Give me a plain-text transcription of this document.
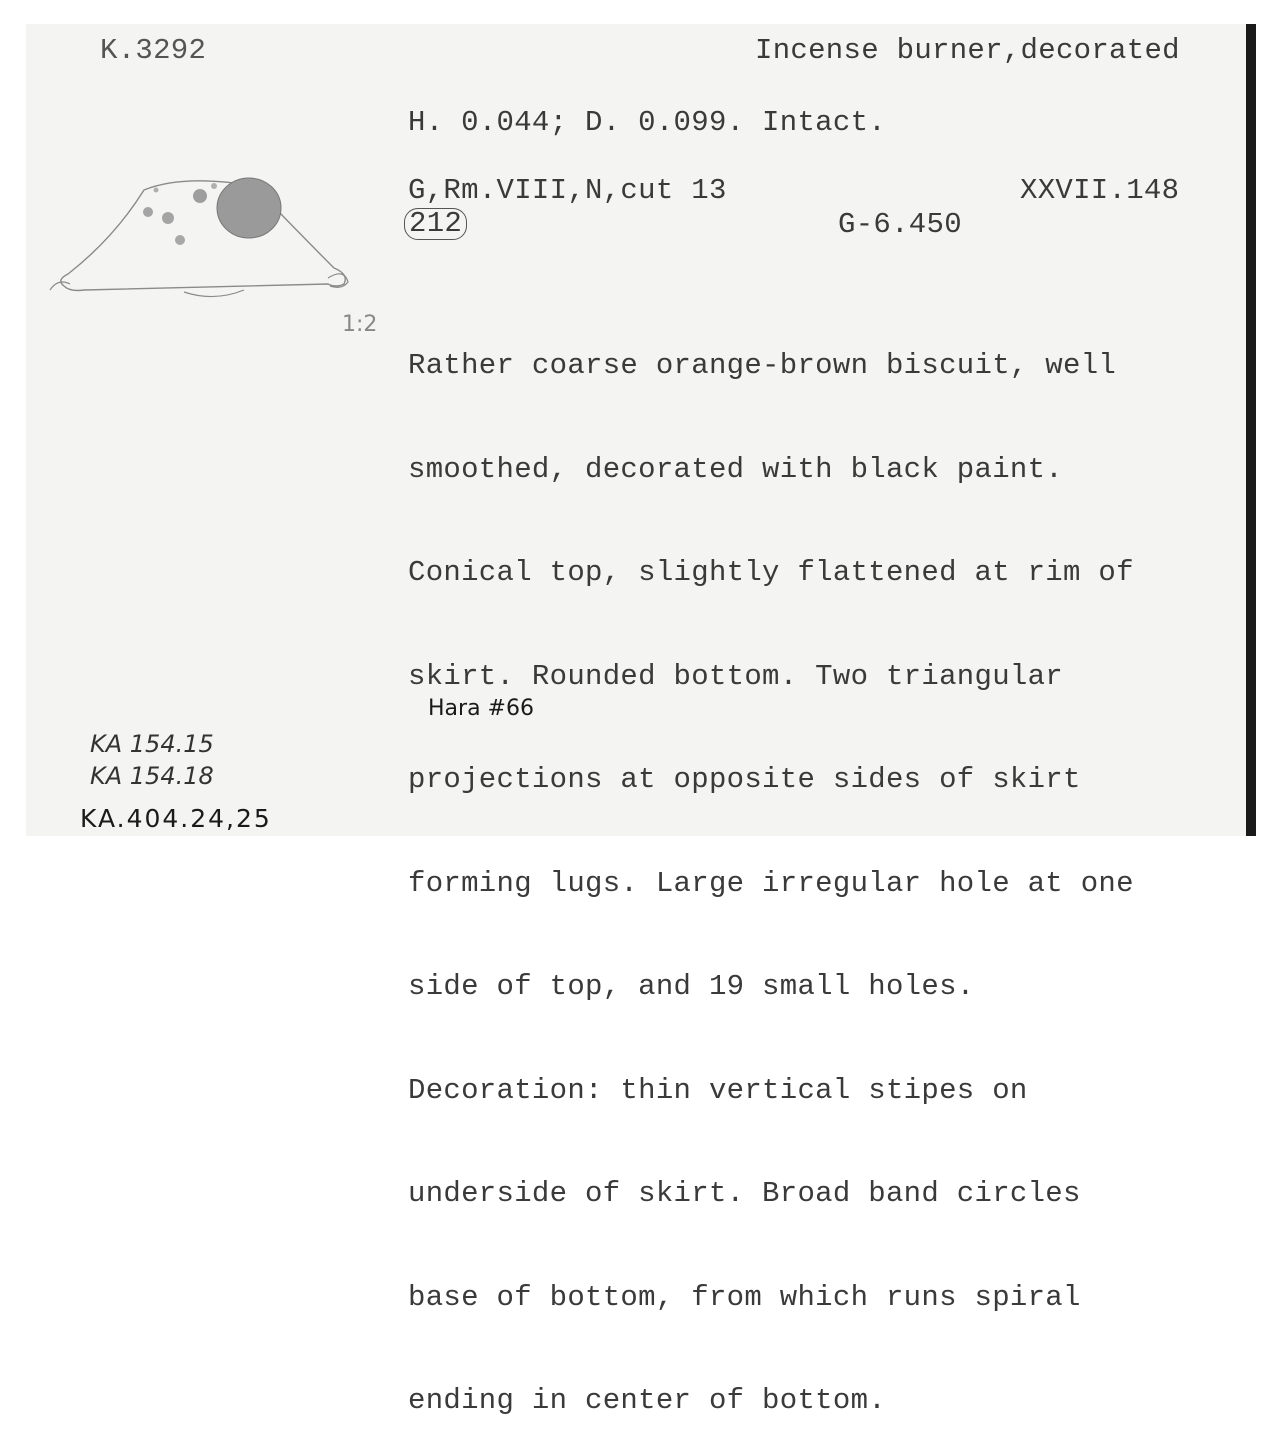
K.3292	Incense burner,decorated
H. 0.044; D. 0.099. Intact.
G,Rm.VIII,N,cut 13	XXVII.148
212	G-6.450
1:2

Rather coarse orange-brown biscuit, well

smoothed, decorated with black paint.

Conical top, slightly flattened at rim of

skirt. Rounded bottom. Two triangular

projections at opposite sides of skirt

forming lugs. Large irregular hole at one

side of top, and 19 small holes.

Decoration: thin vertical stipes on

underside of skirt. Broad band circles

base of bottom, from which runs spiral

ending in center of bottom.

Hara #66
KA 154.15
KA 154.18
KA.404.24,25
